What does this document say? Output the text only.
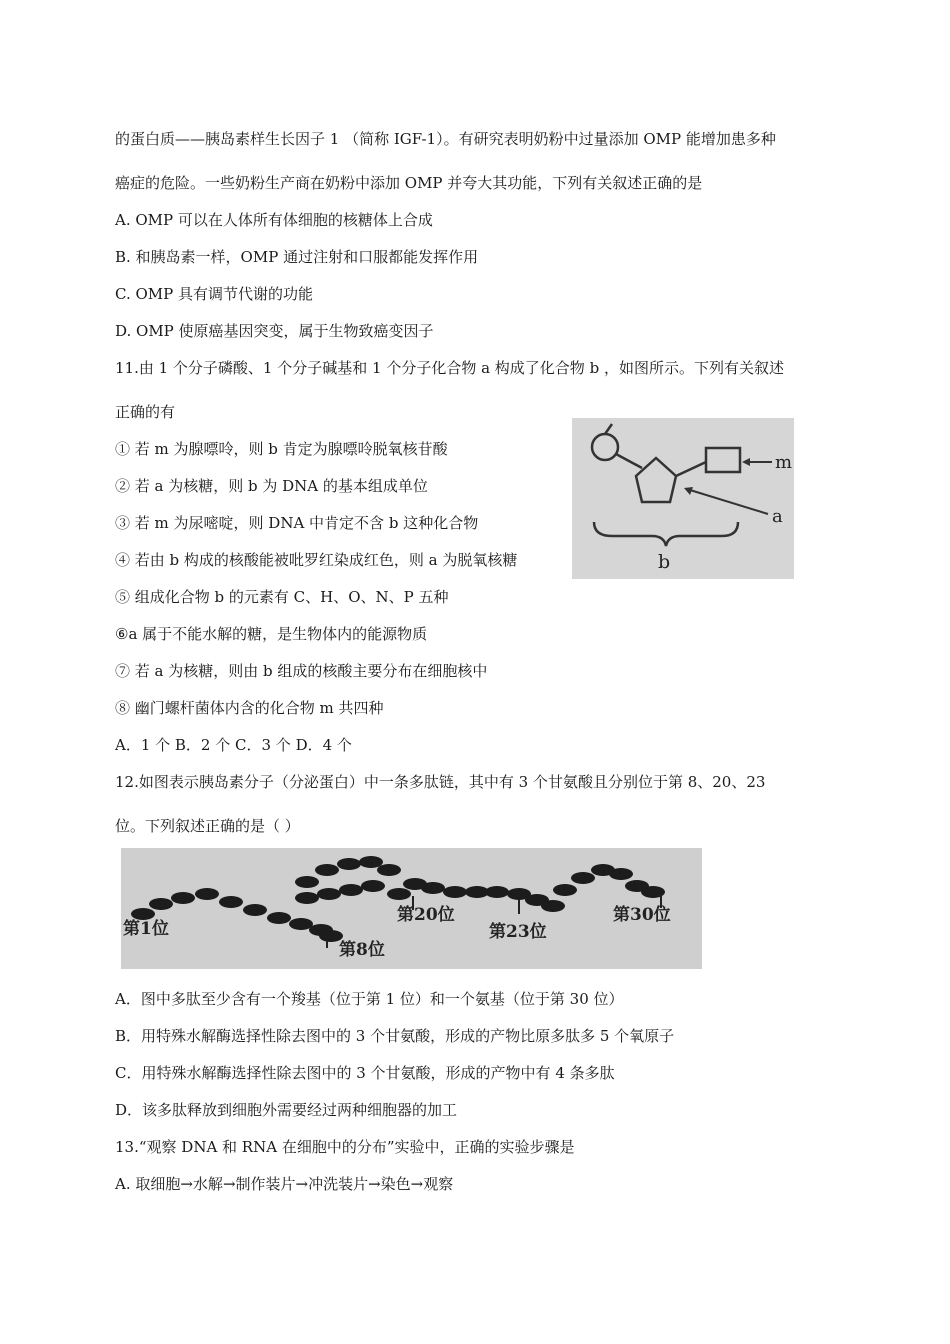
的蛋白质——胰岛素样生长因子 1 （简称 IGF-1）。有研究表明奶粉中过量添加 OMP 能增加患多种
癌症的危险。一些奶粉生产商在奶粉中添加 OMP 并夸大其功能，下列有关叙述正确的是
A. OMP 可以在人体所有体细胞的核糖体上合成
B. 和胰岛素一样，OMP 通过注射和口服都能发挥作用
C. OMP 具有调节代谢的功能
D. OMP 使原癌基因突变，属于生物致癌变因子
11.由 1 个分子磷酸、1 个分子碱基和 1 个分子化合物 a 构成了化合物 b ，如图所示。下列有关叙述
正确的有
① 若 m 为腺嘌呤，则 b 肯定为腺嘌呤脱氧核苷酸
② 若 a 为核糖，则 b 为 DNA 的基本组成单位
③ 若 m 为尿嘧啶，则 DNA 中肯定不含 b 这种化合物
④ 若由 b 构成的核酸能被吡罗红染成红色，则 a 为脱氧核糖
⑤ 组成化合物 b 的元素有 C、H、O、N、P 五种
⑥a 属于不能水解的糖，是生物体内的能源物质
⑦ 若 a 为核糖，则由 b 组成的核酸主要分布在细胞核中
⑧ 幽门螺杆菌体内含的化合物 m 共四种
A．1 个 B．2 个 C．3 个 D．4 个
m
a
b
12.如图表示胰岛素分子（分泌蛋白）中一条多肽链，其中有 3 个甘氨酸且分别位于第 8、20、23
位。下列叙述正确的是（ ）
第1位
第8位
第20位
第23位
第30位
A．图中多肽至少含有一个羧基（位于第 1 位）和一个氨基（位于第 30 位）
B．用特殊水解酶选择性除去图中的 3 个甘氨酸，形成的产物比原多肽多 5 个氧原子
C．用特殊水解酶选择性除去图中的 3 个甘氨酸，形成的产物中有 4 条多肽
D．该多肽释放到细胞外需要经过两种细胞器的加工
13.“观察 DNA 和 RNA 在细胞中的分布”实验中，正确的实验步骤是
A. 取细胞→水解→制作装片→冲洗装片→染色→观察
